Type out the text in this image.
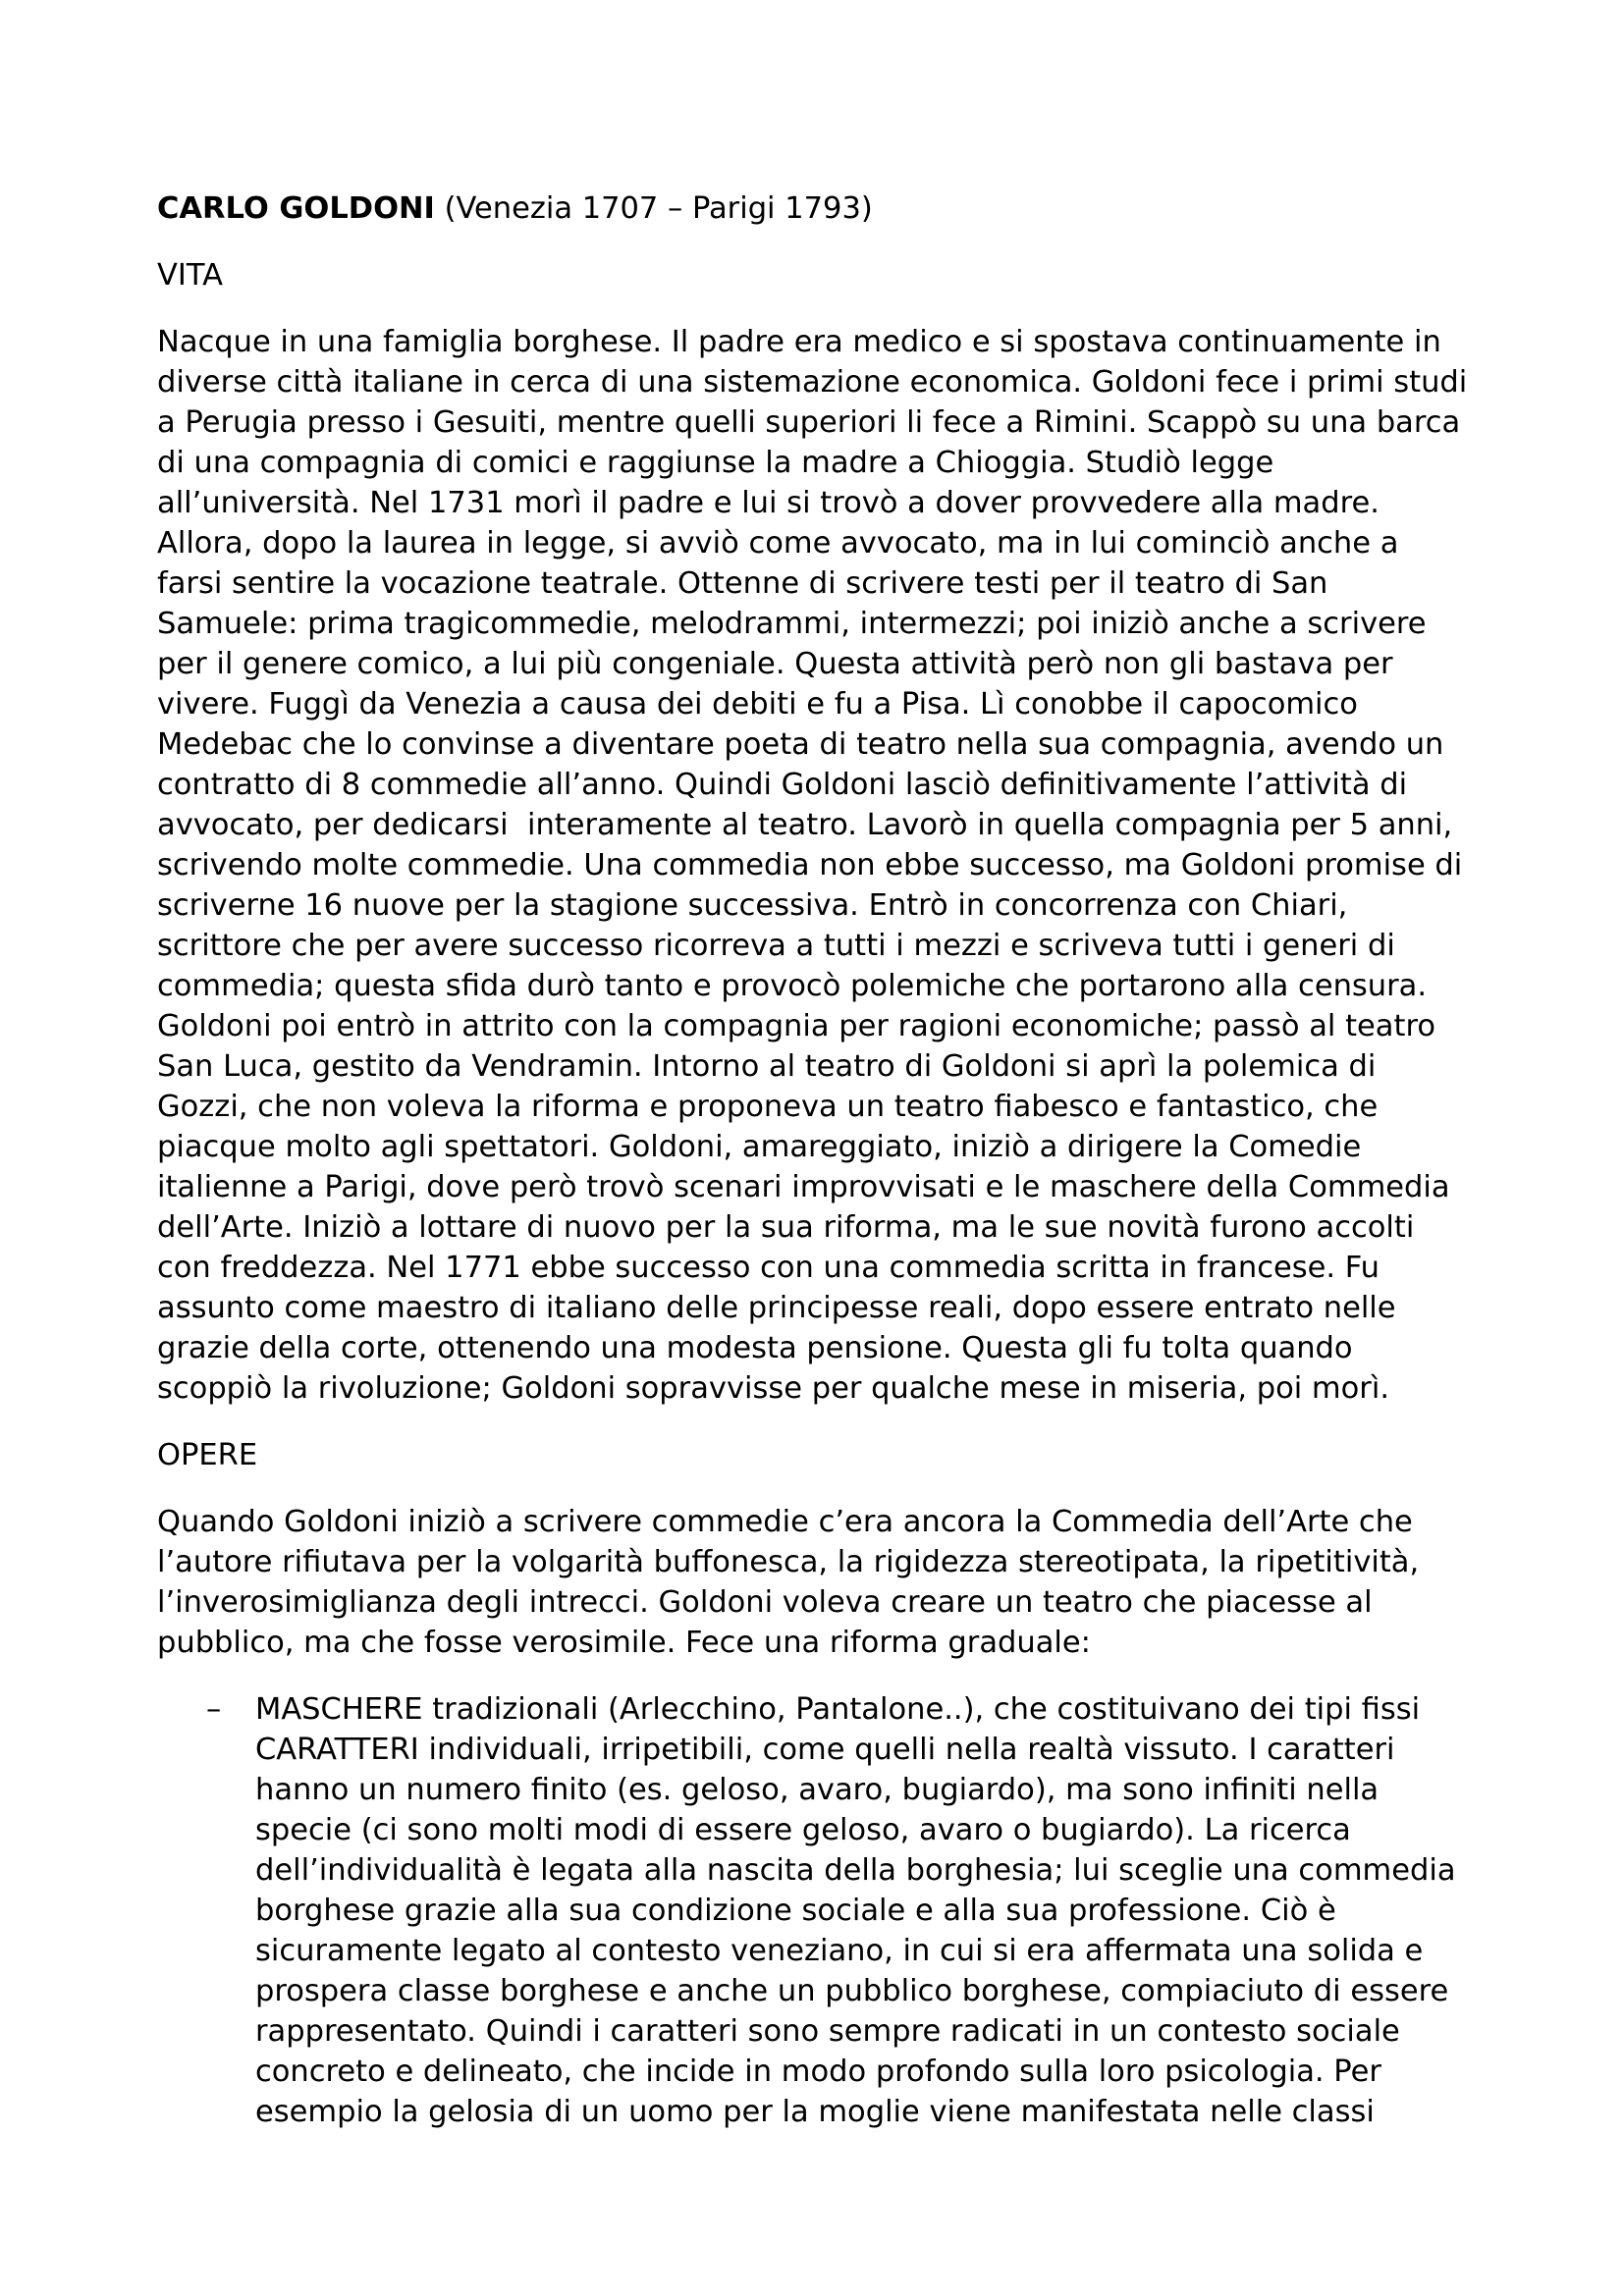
CARLO GOLDONI (Venezia 1707 – Parigi 1793)

VITA

Nacque in una famiglia borghese. Il padre era medico e si spostava continuamente in
diverse città italiane in cerca di una sistemazione economica. Goldoni fece i primi studi
a Perugia presso i Gesuiti, mentre quelli superiori li fece a Rimini. Scappò su una barca
di una compagnia di comici e raggiunse la madre a Chioggia. Studiò legge
all’università. Nel 1731 morì il padre e lui si trovò a dover provvedere alla madre.
Allora, dopo la laurea in legge, si avviò come avvocato, ma in lui cominciò anche a
farsi sentire la vocazione teatrale. Ottenne di scrivere testi per il teatro di San
Samuele: prima tragicommedie, melodrammi, intermezzi; poi iniziò anche a scrivere
per il genere comico, a lui più congeniale. Questa attività però non gli bastava per
vivere. Fuggì da Venezia a causa dei debiti e fu a Pisa. Lì conobbe il capocomico
Medebac che lo convinse a diventare poeta di teatro nella sua compagnia, avendo un
contratto di 8 commedie all’anno. Quindi Goldoni lasciò definitivamente l’attività di
avvocato, per dedicarsi  interamente al teatro. Lavorò in quella compagnia per 5 anni,
scrivendo molte commedie. Una commedia non ebbe successo, ma Goldoni promise di
scriverne 16 nuove per la stagione successiva. Entrò in concorrenza con Chiari,
scrittore che per avere successo ricorreva a tutti i mezzi e scriveva tutti i generi di
commedia; questa sfida durò tanto e provocò polemiche che portarono alla censura.
Goldoni poi entrò in attrito con la compagnia per ragioni economiche; passò al teatro
San Luca, gestito da Vendramin. Intorno al teatro di Goldoni si aprì la polemica di
Gozzi, che non voleva la riforma e proponeva un teatro fiabesco e fantastico, che
piacque molto agli spettatori. Goldoni, amareggiato, iniziò a dirigere la Comedie
italienne a Parigi, dove però trovò scenari improvvisati e le maschere della Commedia
dell’Arte. Iniziò a lottare di nuovo per la sua riforma, ma le sue novità furono accolti
con freddezza. Nel 1771 ebbe successo con una commedia scritta in francese. Fu
assunto come maestro di italiano delle principesse reali, dopo essere entrato nelle
grazie della corte, ottenendo una modesta pensione. Questa gli fu tolta quando
scoppiò la rivoluzione; Goldoni sopravvisse per qualche mese in miseria, poi morì.

OPERE

Quando Goldoni iniziò a scrivere commedie c’era ancora la Commedia dell’Arte che
l’autore rifiutava per la volgarità buffonesca, la rigidezza stereotipata, la ripetitività,
l’inverosimiglianza degli intrecci. Goldoni voleva creare un teatro che piacesse al
pubblico, ma che fosse verosimile. Fece una riforma graduale:
– MASCHERE tradizionali (Arlecchino, Pantalone..), che costituivano dei tipi fissi
CARATTERI individuali, irripetibili, come quelli nella realtà vissuto. I caratteri
hanno un numero finito (es. geloso, avaro, bugiardo), ma sono infiniti nella
specie (ci sono molti modi di essere geloso, avaro o bugiardo). La ricerca
dell’individualità è legata alla nascita della borghesia; lui sceglie una commedia
borghese grazie alla sua condizione sociale e alla sua professione. Ciò è
sicuramente legato al contesto veneziano, in cui si era affermata una solida e
prospera classe borghese e anche un pubblico borghese, compiaciuto di essere
rappresentato. Quindi i caratteri sono sempre radicati in un contesto sociale
concreto e delineato, che incide in modo profondo sulla loro psicologia. Per
esempio la gelosia di un uomo per la moglie viene manifestata nelle classi
